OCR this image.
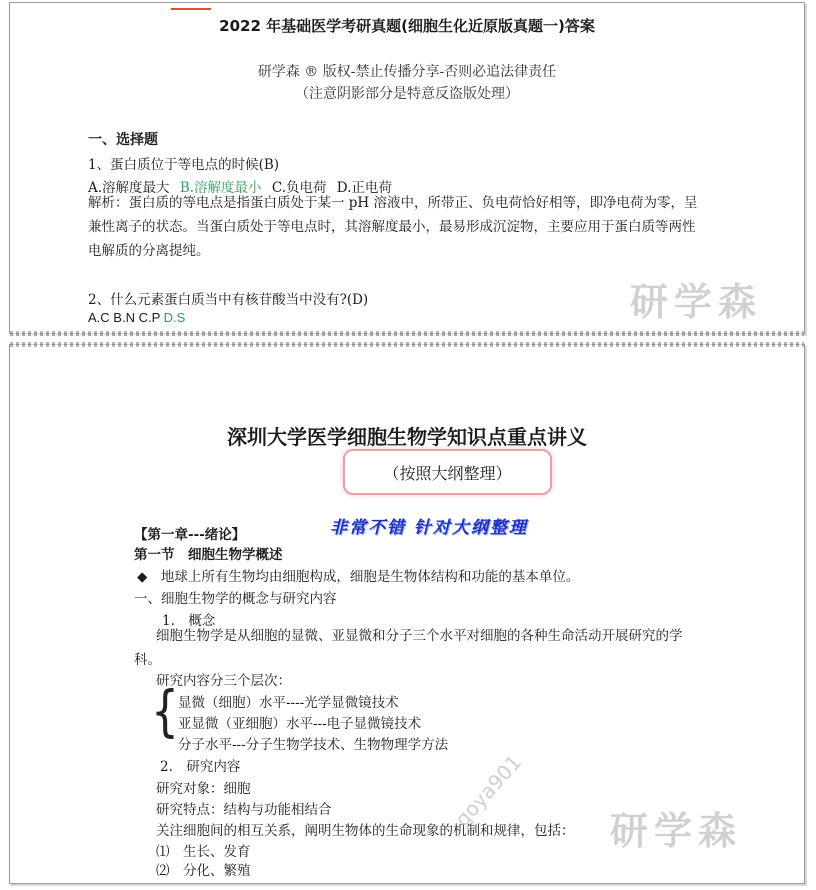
2022 年基础医学考研真题(细胞生化近原版真题一)答案
研学森 ® 版权-禁止传播分享-否则必追法律责任
（注意阴影部分是特意反盗版处理）
一、选择题
1、蛋白质位于等电点的时候(B)
A.溶解度最大 B.溶解度最小 C.负电荷 D.正电荷
解析：蛋白质的等电点是指蛋白质处于某一 pH 溶液中，所带正、负电荷恰好相等，即净电荷为零，呈兼性离子的状态。当蛋白质处于等电点时，其溶解度最小，最易形成沉淀物，主要应用于蛋白质等两性电解质的分离提纯。
2、什么元素蛋白质当中有核苷酸当中没有?(D)
A.C B.N C.P D.S	研学森
深圳大学医学细胞生物学知识点重点讲义
（按照大纲整理）
非常不错 针对大纲整理
【第一章---绪论】
第一节　细胞生物学概述
◆　地球上所有生物均由细胞构成，细胞是生物体结构和功能的基本单位。
一、细胞生物学的概念与研究内容
1.　概念
细胞生物学是从细胞的显微、亚显微和分子三个水平对细胞的各种生命活动开展研究的学科。
研究内容分三个层次：
{ 显微（细胞）水平----光学显微镜技术
亚显微（亚细胞）水平---电子显微镜技术
分子水平---分子生物学技术、生物物理学方法
2.　研究内容
研究对象：细胞
研究特点：结构与功能相结合
关注细胞间的相互关系，阐明生物体的生命现象的机制和规律，包括：
⑴　生长、发育
⑵　分化、繁殖
qoya901 研学森
